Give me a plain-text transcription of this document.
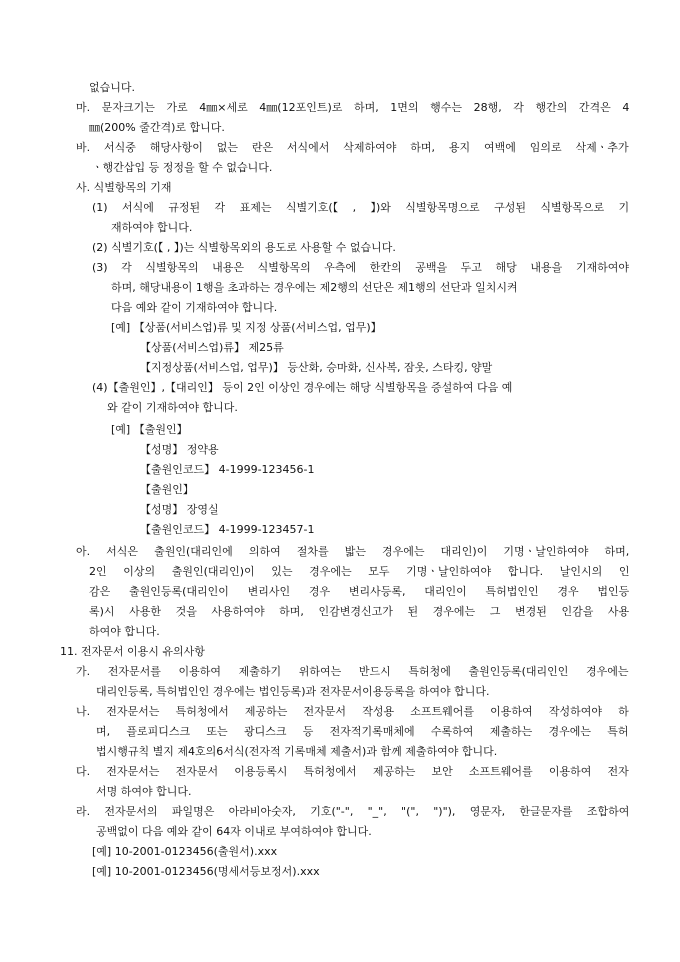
없습니다.
마. 문자크기는 가로 4㎜×세로 4㎜(12포인트)로 하며, 1면의 행수는 28행, 각 행간의 간격은 4
㎜(200% 줄간격)로 합니다.
바. 서식중 해당사항이 없는 란은 서식에서 삭제하여야 하며, 용지 여백에 임의로 삭제ㆍ추가
ㆍ행간삽입 등 정정을 할 수 없습니다.
사. 식별항목의 기재
(1) 서식에 규정된 각 표제는 식별기호(【 , 】)와 식별항목명으로 구성된 식별항목으로 기
재하여야 합니다.
(2) 식별기호(【 , 】)는 식별항목외의 용도로 사용할 수 없습니다.
(3) 각 식별항목의 내용은 식별항목의 우측에 한칸의 공백을 두고 해당 내용을 기재하여야
하며, 해당내용이 1행을 초과하는 경우에는 제2행의 선단은 제1행의 선단과 일치시켜
다음 예와 같이 기재하여야 합니다.
[예] 【상품(서비스업)류 및 지정 상품(서비스업, 업무)】
【상품(서비스업)류】 제25류
【지정상품(서비스업, 업무)】 등산화, 승마화, 신사복, 잠옷, 스타킹, 양말
(4)【출원인】,【대리인】 등이 2인 이상인 경우에는 해당 식별항목을 증설하여 다음 예
와 같이 기재하여야 합니다.
[예] 【출원인】
【성명】 정약용
【출원인코드】 4-1999-123456-1
【출원인】
【성명】 장영실
【출원인코드】 4-1999-123457-1
아. 서식은 출원인(대리인에 의하여 절차를 밟는 경우에는 대리인)이 기명ㆍ날인하여야 하며,
2인 이상의 출원인(대리인)이 있는 경우에는 모두 기명ㆍ날인하여야 합니다. 날인시의 인
감은 출원인등록(대리인이 변리사인 경우 변리사등록, 대리인이 특허법인인 경우 법인등
록)시 사용한 것을 사용하여야 하며, 인감변경신고가 된 경우에는 그 변경된 인감을 사용
하여야 합니다.
11. 전자문서 이용시 유의사항
가. 전자문서를 이용하여 제출하기 위하여는 반드시 특허청에 출원인등록(대리인인 경우에는
대리인등록, 특허법인인 경우에는 법인등록)과 전자문서이용등록을 하여야 합니다.
나. 전자문서는 특허청에서 제공하는 전자문서 작성용 소프트웨어를 이용하여 작성하여야 하
며, 플로피디스크 또는 광디스크 등 전자적기록매체에 수록하여 제출하는 경우에는 특허
법시행규칙 별지 제4호의6서식(전자적 기록매체 제출서)과 함께 제출하여야 합니다.
다. 전자문서는 전자문서 이용등록시 특허청에서 제공하는 보안 소프트웨어를 이용하여 전자
서명 하여야 합니다.
라. 전자문서의 파일명은 아라비아숫자, 기호("-", "_", "(", ")"), 영문자, 한글문자를 조합하여
공백없이 다음 예와 같이 64자 이내로 부여하여야 합니다.
[예] 10-2001-0123456(출원서).xxx
[예] 10-2001-0123456(명세서등보정서).xxx
